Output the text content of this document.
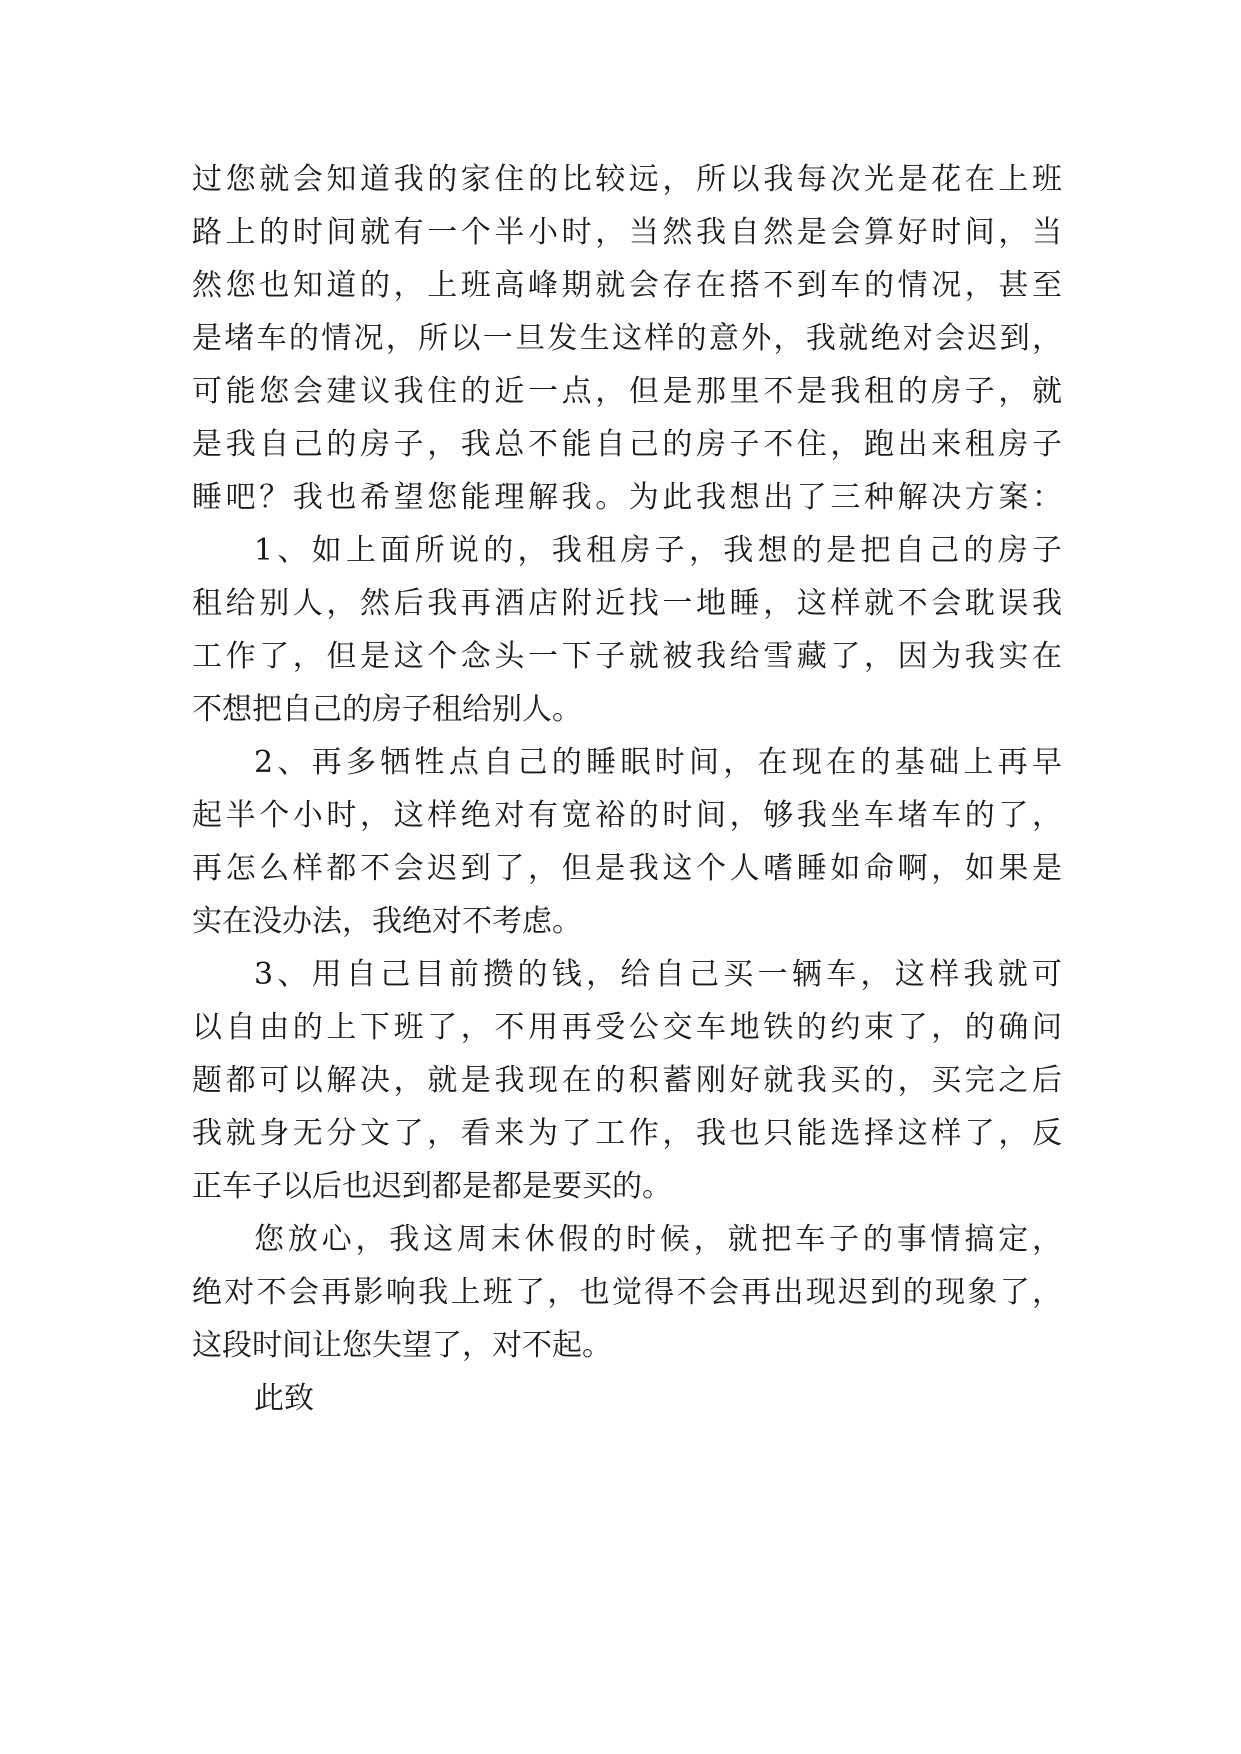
过您就会知道我的家住的比较远，所以我每次光是花在上班
路上的时间就有一个半小时，当然我自然是会算好时间，当
然您也知道的，上班高峰期就会存在搭不到车的情况，甚至
是堵车的情况，所以一旦发生这样的意外，我就绝对会迟到，
可能您会建议我住的近一点，但是那里不是我租的房子，就
是我自己的房子，我总不能自己的房子不住，跑出来租房子
睡吧？我也希望您能理解我。为此我想出了三种解决方案：
1、如上面所说的，我租房子，我想的是把自己的房子
租给别人，然后我再酒店附近找一地睡，这样就不会耽误我
工作了，但是这个念头一下子就被我给雪藏了，因为我实在
不想把自己的房子租给别人。
2、再多牺牲点自己的睡眠时间，在现在的基础上再早
起半个小时，这样绝对有宽裕的时间，够我坐车堵车的了，
再怎么样都不会迟到了，但是我这个人嗜睡如命啊，如果是
实在没办法，我绝对不考虑。
3、用自己目前攒的钱，给自己买一辆车，这样我就可
以自由的上下班了，不用再受公交车地铁的约束了，的确问
题都可以解决，就是我现在的积蓄刚好就我买的，买完之后
我就身无分文了，看来为了工作，我也只能选择这样了，反
正车子以后也迟到都是都是要买的。
您放心，我这周末休假的时候，就把车子的事情搞定，
绝对不会再影响我上班了，也觉得不会再出现迟到的现象了，
这段时间让您失望了，对不起。
此致
